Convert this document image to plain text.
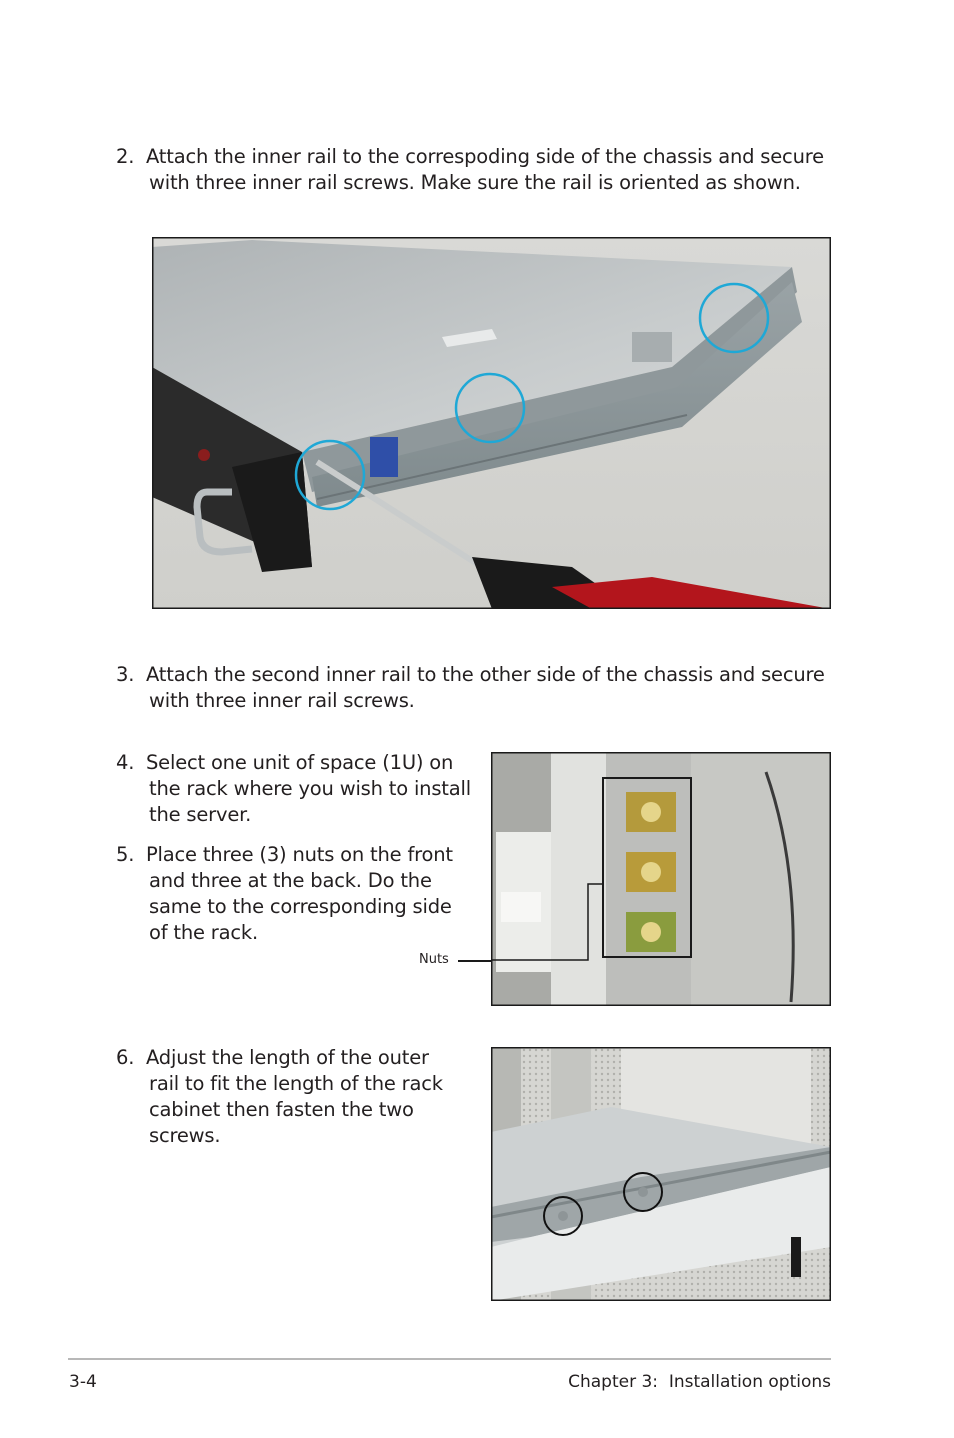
2. Attach the inner rail to the correspoding side of the chassis and secure
with three inner rail screws. Make sure the rail is oriented as shown.
3. Attach the second inner rail to the other side of the chassis and secure
with three inner rail screws.
4. Select one unit of space (1U) on
the rack where you wish to install
the server.
5. Place three (3) nuts on the front
and three at the back. Do the
same to the corresponding side
of the rack.
Nuts
6. Adjust the length of the outer
rail to fit the length of the rack
cabinet then fasten the two
screws.
3-4	Chapter 3:  Installation options
